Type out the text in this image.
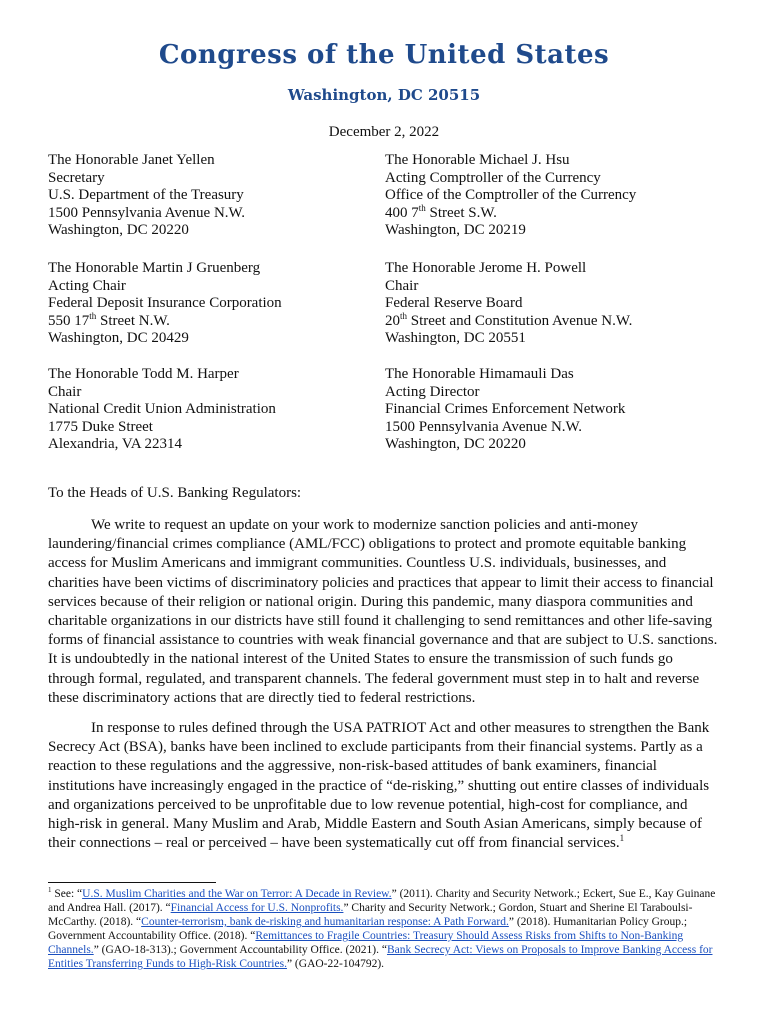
Congress of the United States
Washington, DC 20515
December 2, 2022
The Honorable Janet Yellen
Secretary
U.S. Department of the Treasury
1500 Pennsylvania Avenue N.W.
Washington, DC 20220
The Honorable Michael J. Hsu
Acting Comptroller of the Currency
Office of the Comptroller of the Currency
400 7th Street S.W.
Washington, DC 20219
The Honorable Martin J Gruenberg
Acting Chair
Federal Deposit Insurance Corporation
550 17th Street N.W.
Washington, DC 20429
The Honorable Jerome H. Powell
Chair
Federal Reserve Board
20th Street and Constitution Avenue N.W.
Washington, DC 20551
The Honorable Todd M. Harper
Chair
National Credit Union Administration
1775 Duke Street
Alexandria, VA 22314
The Honorable Himamauli Das
Acting Director
Financial Crimes Enforcement Network
1500 Pennsylvania Avenue N.W.
Washington, DC 20220
To the Heads of U.S. Banking Regulators:
We write to request an update on your work to modernize sanction policies and anti-money laundering/financial crimes compliance (AML/FCC) obligations to protect and promote equitable banking access for Muslim Americans and immigrant communities. Countless U.S. individuals, businesses, and charities have been victims of discriminatory policies and practices that appear to limit their access to financial services because of their religion or national origin. During this pandemic, many diaspora communities and charitable organizations in our districts have still found it challenging to send remittances and other life-saving forms of financial assistance to countries with weak financial governance and that are subject to U.S. sanctions. It is undoubtedly in the national interest of the United States to ensure the transmission of such funds go through formal, regulated, and transparent channels. The federal government must step in to halt and reverse these discriminatory actions that are directly tied to federal restrictions.
In response to rules defined through the USA PATRIOT Act and other measures to strengthen the Bank Secrecy Act (BSA), banks have been inclined to exclude participants from their financial systems. Partly as a reaction to these regulations and the aggressive, non-risk-based attitudes of bank examiners, financial institutions have increasingly engaged in the practice of “de-risking,” shutting out entire classes of individuals and organizations perceived to be unprofitable due to low revenue potential, high-cost for compliance, and high-risk in general. Many Muslim and Arab, Middle Eastern and South Asian Americans, simply because of their connections – real or perceived – have been systematically cut off from financial services.$^1$
$^1$ See: “U.S. Muslim Charities and the War on Terror: A Decade in Review.” (2011). Charity and Security Network.; Eckert, Sue E., Kay Guinane and Andrea Hall. (2017). “Financial Access for U.S. Nonprofits.” Charity and Security Network.; Gordon, Stuart and Sherine El Taraboulsi-McCarthy. (2018). “Counter-terrorism, bank de-risking and humanitarian response: A Path Forward.” (2018). Humanitarian Policy Group.; Government Accountability Office. (2018). “Remittances to Fragile Countries: Treasury Should Assess Risks from Shifts to Non-Banking Channels.” (GAO-18-313).; Government Accountability Office. (2021). “Bank Secrecy Act: Views on Proposals to Improve Banking Access for Entities Transferring Funds to High-Risk Countries.” (GAO-22-104792).
